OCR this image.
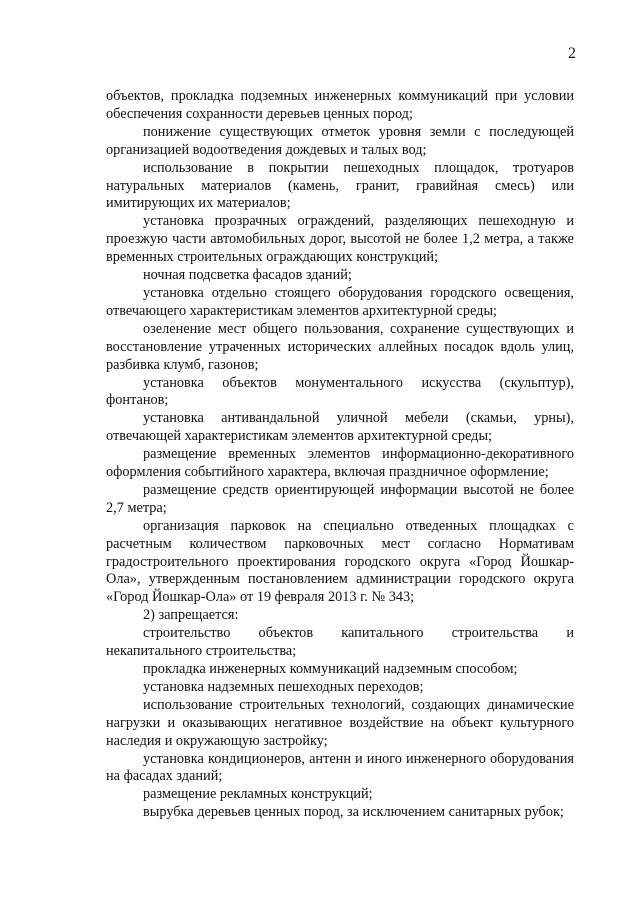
2

объектов, прокладка подземных инженерных коммуникаций при условии обеспечения сохранности деревьев ценных пород;

понижение существующих отметок уровня земли с последующей организацией водоотведения дождевых и талых вод;

использование в покрытии пешеходных площадок, тротуаров натуральных материалов (камень, гранит, гравийная смесь) или имитирующих их материалов;

установка прозрачных ограждений, разделяющих пешеходную и проезжую части автомобильных дорог, высотой не более 1,2 метра, а также временных строительных ограждающих конструкций;

ночная подсветка фасадов зданий;

установка отдельно стоящего оборудования городского освещения, отвечающего характеристикам элементов архитектурной среды;

озеленение мест общего пользования, сохранение существующих и восстановление утраченных исторических аллейных посадок вдоль улиц, разбивка клумб, газонов;

установка объектов монументального искусства (скульптур), фонтанов;

установка антивандальной уличной мебели (скамьи, урны), отвечающей характеристикам элементов архитектурной среды;

размещение временных элементов информационно-декоративного оформления событийного характера, включая праздничное оформление;

размещение средств ориентирующей информации высотой не более 2,7 метра;

организация парковок на специально отведенных площадках с расчетным количеством парковочных мест согласно Нормативам градостроительного проектирования городского округа «Город Йошкар-Ола», утвержденным постановлением администрации городского округа «Город Йошкар-Ола» от 19 февраля 2013 г. № 343;

2) запрещается:

строительство объектов капитального строительства и некапитального строительства;

прокладка инженерных коммуникаций надземным способом;

установка надземных пешеходных переходов;

использование строительных технологий, создающих динамические нагрузки и оказывающих негативное воздействие на объект культурного наследия и окружающую застройку;

установка кондиционеров, антенн и иного инженерного оборудования на фасадах зданий;

размещение рекламных конструкций;

вырубка деревьев ценных пород, за исключением санитарных рубок;
